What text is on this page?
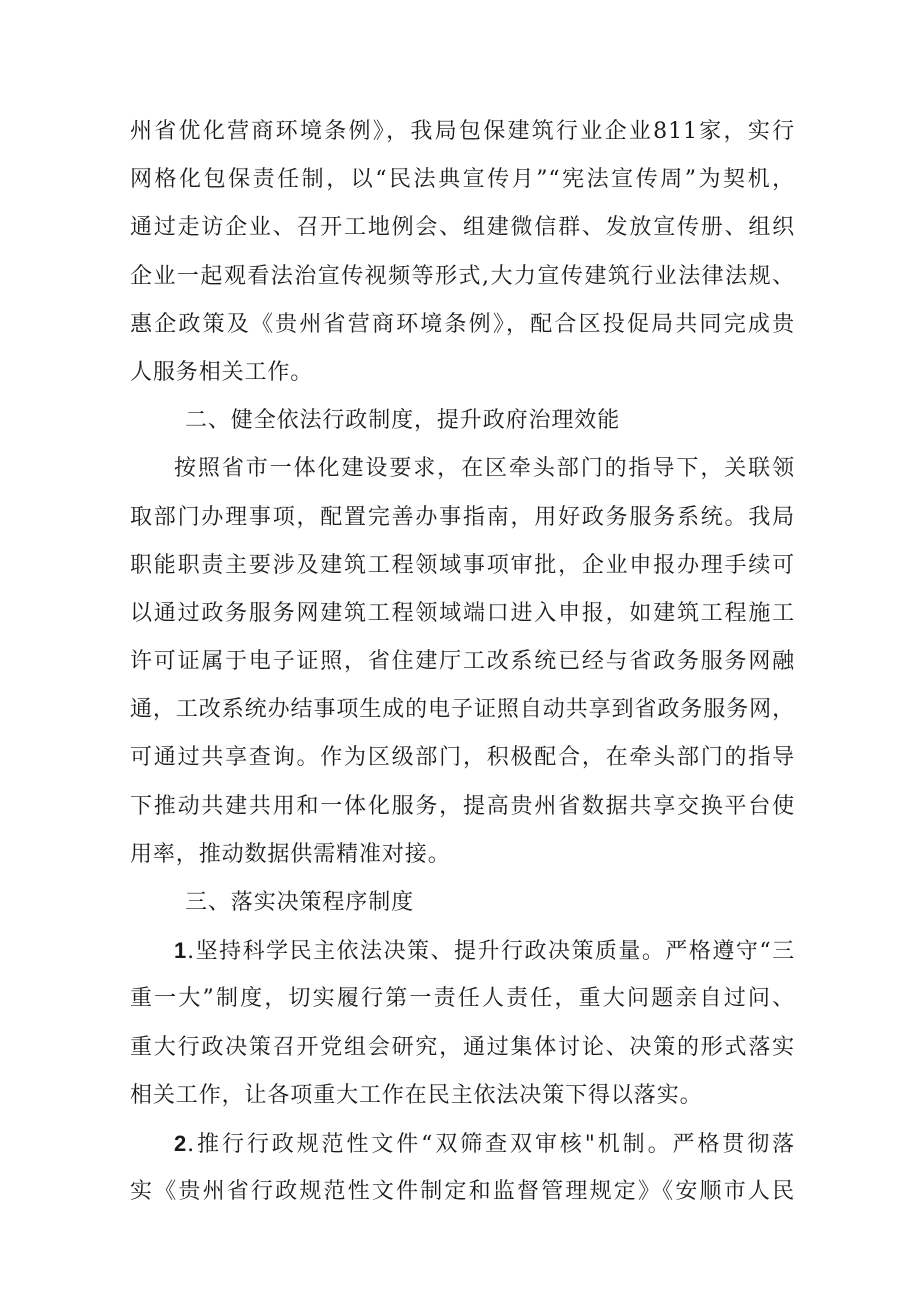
州省优化营商环境条例》，我局包保建筑行业企业811家，实行
网格化包保责任制，以“民法典宣传月”“宪法宣传周”为契机，
通过走访企业、召开工地例会、组建微信群、发放宣传册、组织
企业一起观看法治宣传视频等形式,大力宣传建筑行业法律法规、
惠企政策及《贵州省营商环境条例》，配合区投促局共同完成贵
人服务相关工作。
二、健全依法行政制度，提升政府治理效能
按照省市一体化建设要求，在区牵头部门的指导下，关联领
取部门办理事项，配置完善办事指南，用好政务服务系统。我局
职能职责主要涉及建筑工程领域事项审批，企业申报办理手续可
以通过政务服务网建筑工程领域端口进入申报，如建筑工程施工
许可证属于电子证照，省住建厅工改系统已经与省政务服务网融
通，工改系统办结事项生成的电子证照自动共享到省政务服务网，
可通过共享查询。作为区级部门，积极配合，在牵头部门的指导
下推动共建共用和一体化服务，提高贵州省数据共享交换平台使
用率，推动数据供需精准对接。
三、落实决策程序制度
1.坚持科学民主依法决策、提升行政决策质量。严格遵守“三
重一大”制度，切实履行第一责任人责任，重大问题亲自过问、
重大行政决策召开党组会研究，通过集体讨论、决策的形式落实
相关工作，让各项重大工作在民主依法决策下得以落实。
2.推行行政规范性文件“双筛查双审核"机制。严格贯彻落
实《贵州省行政规范性文件制定和监督管理规定》《安顺市人民
